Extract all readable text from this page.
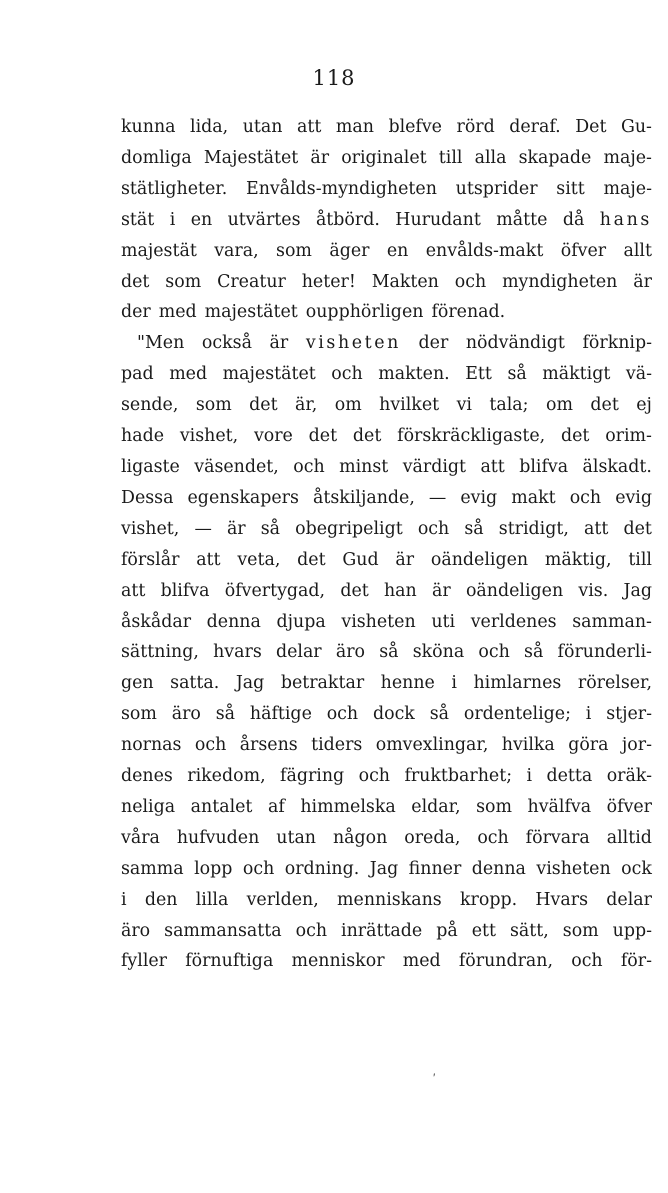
118
kunna lida, utan att man blefve rörd deraf. Det Gu-
domliga Majestätet är originalet till alla skapade maje-
stätligheter. Envålds-myndigheten utsprider sitt maje-
stät i en utvärtes åtbörd. Hurudant måtte då hans
majestät vara, som äger en envålds-makt öfver allt
det som Creatur heter! Makten och myndigheten är
der med majestätet oupphörligen förenad.
"Men också är visheten der nödvändigt förknip-
pad med majestätet och makten. Ett så mäktigt vä-
sende, som det är, om hvilket vi tala; om det ej
hade vishet, vore det det förskräckligaste, det orim-
ligaste väsendet, och minst värdigt att blifva älskadt.
Dessa egenskapers åtskiljande, — evig makt och evig
vishet, — är så obegripeligt och så stridigt, att det
förslår att veta, det Gud är oändeligen mäktig, till
att blifva öfvertygad, det han är oändeligen vis. Jag
åskådar denna djupa visheten uti verldenes samman-
sättning, hvars delar äro så sköna och så förunderli-
gen satta. Jag betraktar henne i himlarnes rörelser,
som äro så häftige och dock så ordentelige; i stjer-
nornas och årsens tiders omvexlingar, hvilka göra jor-
denes rikedom, fägring och fruktbarhet; i detta oräk-
neliga antalet af himmelska eldar, som hvälfva öfver
våra hufvuden utan någon oreda, och förvara alltid
samma lopp och ordning. Jag finner denna visheten ock
i den lilla verlden, menniskans kropp. Hvars delar
äro sammansatta och inrättade på ett sätt, som upp-
fyller förnuftiga menniskor med förundran, och för-
´
